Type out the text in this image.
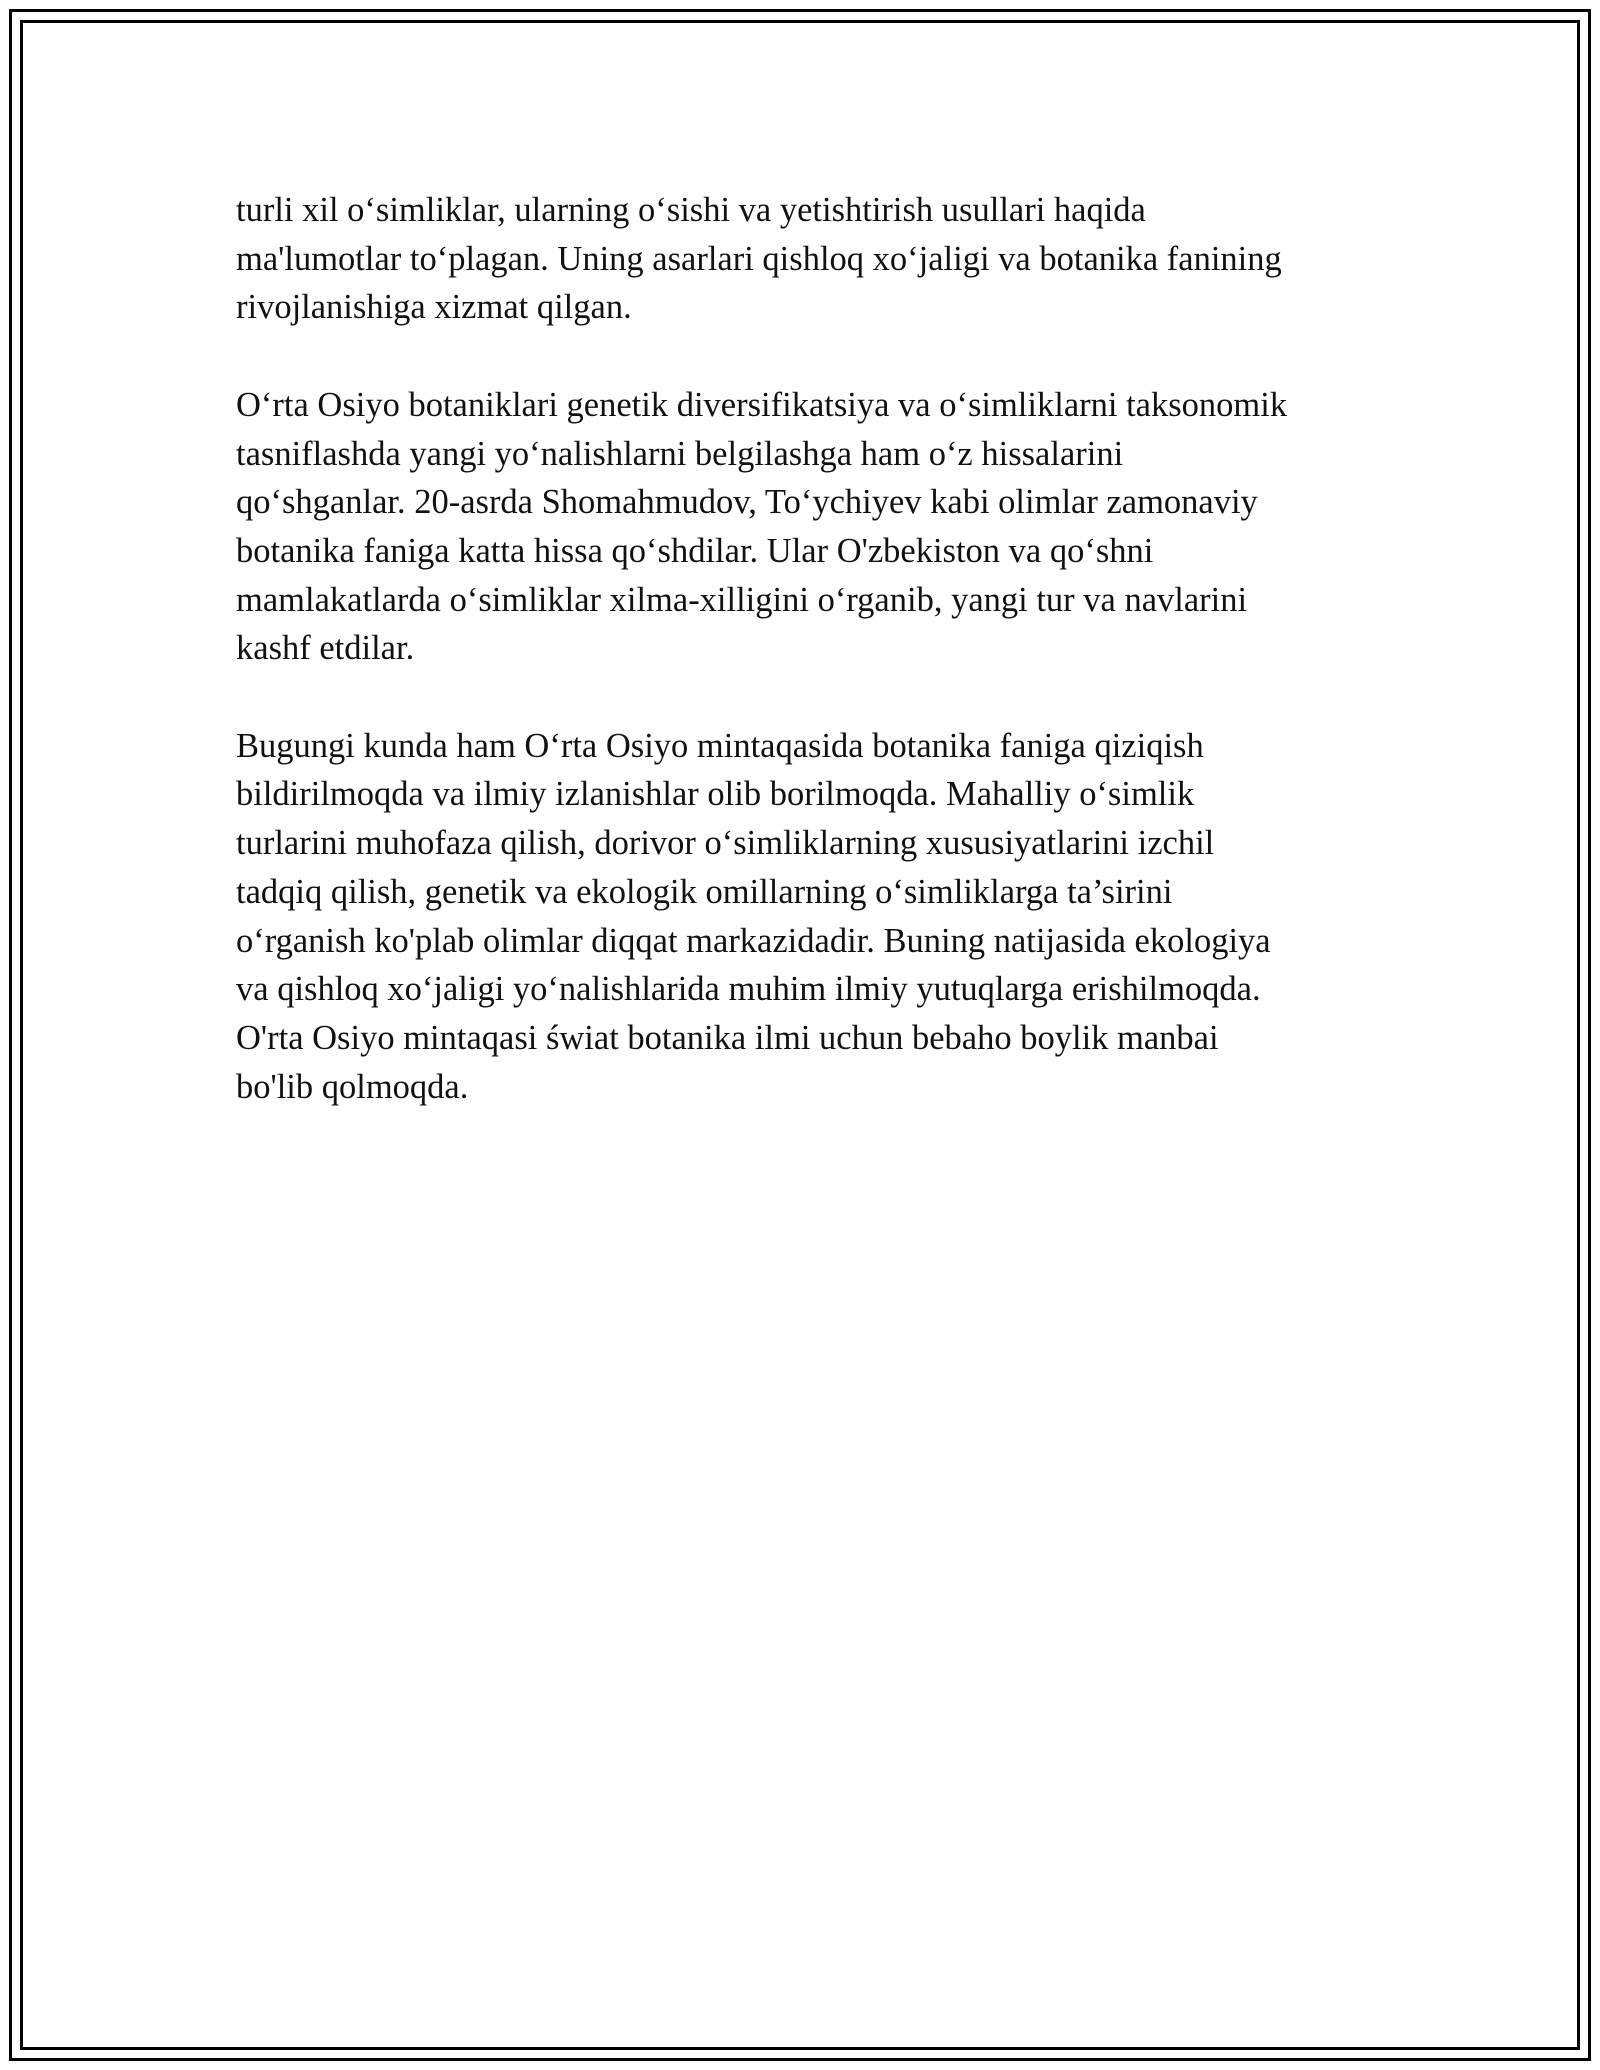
turli xil o‘simliklar, ularning o‘sishi va yetishtirish usullari haqida
ma'lumotlar to‘plagan. Uning asarlari qishloq xo‘jaligi va botanika fanining
rivojlanishiga xizmat qilgan.

O‘rta Osiyo botaniklari genetik diversifikatsiya va o‘simliklarni taksonomik
tasniflashda yangi yo‘nalishlarni belgilashga ham o‘z hissalarini
qo‘shganlar. 20-asrda Shomahmudov, To‘ychiyev kabi olimlar zamonaviy
botanika faniga katta hissa qo‘shdilar. Ular O'zbekiston va qo‘shni
mamlakatlarda o‘simliklar xilma-xilligini o‘rganib, yangi tur va navlarini
kashf etdilar.

Bugungi kunda ham O‘rta Osiyo mintaqasida botanika faniga qiziqish
bildirilmoqda va ilmiy izlanishlar olib borilmoqda. Mahalliy o‘simlik
turlarini muhofaza qilish, dorivor o‘simliklarning xususiyatlarini izchil
tadqiq qilish, genetik va ekologik omillarning o‘simliklarga ta’sirini
o‘rganish ko'plab olimlar diqqat markazidadir. Buning natijasida ekologiya
va qishloq xo‘jaligi yo‘nalishlarida muhim ilmiy yutuqlarga erishilmoqda.
O'rta Osiyo mintaqasi świat botanika ilmi uchun bebaho boylik manbai
bo'lib qolmoqda.
